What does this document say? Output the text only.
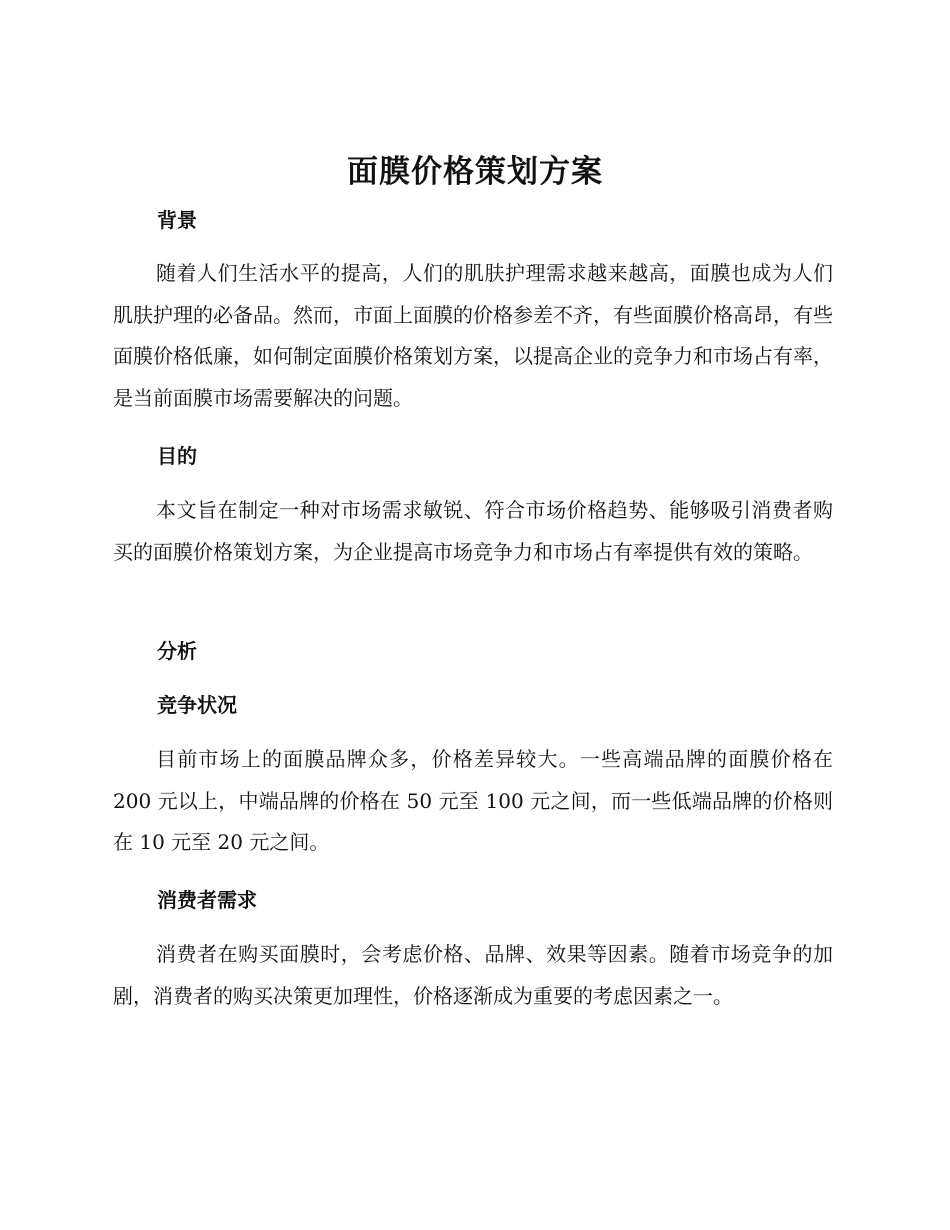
面膜价格策划方案
背景

随着人们生活水平的提高，人们的肌肤护理需求越来越高，面膜也成为人们肌肤护理的必备品。然而，市面上面膜的价格参差不齐，有些面膜价格高昂，有些面膜价格低廉，如何制定面膜价格策划方案，以提高企业的竞争力和市场占有率，是当前面膜市场需要解决的问题。

目的

本文旨在制定一种对市场需求敏锐、符合市场价格趋势、能够吸引消费者购买的面膜价格策划方案，为企业提高市场竞争力和市场占有率提供有效的策略。

分析
竞争状况

目前市场上的面膜品牌众多，价格差异较大。一些高端品牌的面膜价格在 200 元以上，中端品牌的价格在 50 元至 100 元之间，而一些低端品牌的价格则在 10 元至 20 元之间。

消费者需求

消费者在购买面膜时，会考虑价格、品牌、效果等因素。随着市场竞争的加剧，消费者的购买决策更加理性，价格逐渐成为重要的考虑因素之一。
